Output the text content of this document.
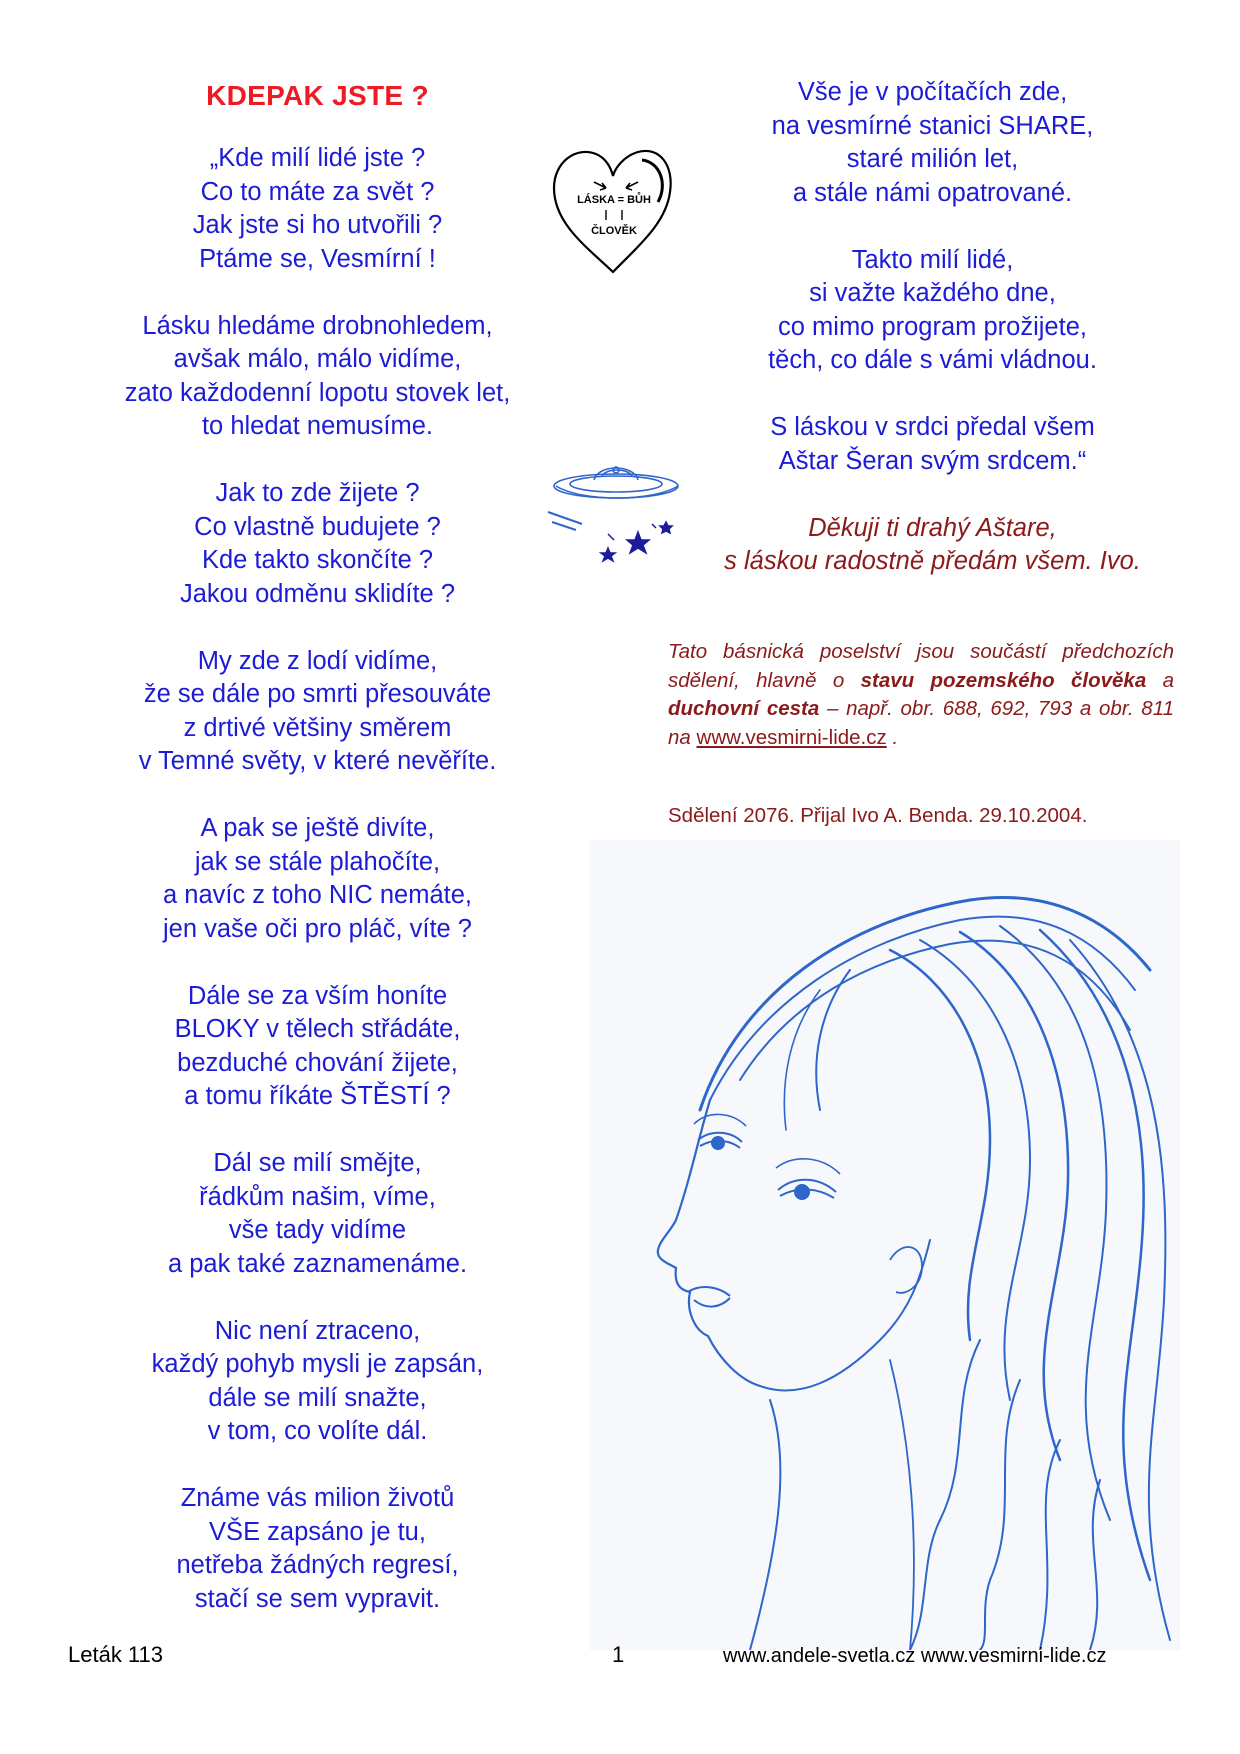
KDEPAK JSTE ?
„Kde milí lidé jste ?
Co to máte za svět ?
Jak jste si ho utvořili ?
Ptáme se, Vesmírní !
Lásku hledáme drobnohledem,
avšak málo, málo vidíme,
zato každodenní lopotu stovek let,
to hledat nemusíme.
Jak to zde žijete ?
Co vlastně budujete ?
Kde takto skončíte ?
Jakou odměnu sklidíte ?
My zde z lodí vidíme,
že se dále po smrti přesouváte
z drtivé většiny směrem
v Temné světy, v které nevěříte.
A pak se ještě divíte,
jak se stále plahočíte,
a navíc z toho NIC nemáte,
jen vaše oči pro pláč, víte ?
Dále se za vším honíte
BLOKY v tělech střádáte,
bezduché chování žijete,
a tomu říkáte ŠTĚSTÍ ?
Dál se milí smějte,
řádkům našim, víme,
vše tady vidíme
a pak také zaznamenáme.
Nic není ztraceno,
každý pohyb mysli je zapsán,
dále se milí snažte,
v tom, co volíte dál.
Známe vás milion životů
VŠE zapsáno je tu,
netřeba žádných regresí,
stačí se sem vypravit.
LÁSKA = BŮH
ČLOVĚK
Vše je v počítačích zde,
na vesmírné stanici SHARE,
staré milión let,
a stále námi opatrované.
Takto milí lidé,
si važte každého dne,
co mimo program prožijete,
těch, co dále s vámi vládnou.
S láskou v srdci předal všem
Aštar Šeran svým srdcem.“
Děkuji ti drahý Aštare,
s láskou radostně předám všem. Ivo.
Tato básnická poselství jsou součástí předchozích sdělení, hlavně o stavu pozemského člověka a duchovní cesta – např. obr. 688, 692, 793 a obr. 811 na www.vesmirni-lide.cz .
Sdělení 2076. Přijal Ivo A. Benda. 29.10.2004.
Leták 113	1	www.andele-svetla.cz www.vesmirni-lide.cz
